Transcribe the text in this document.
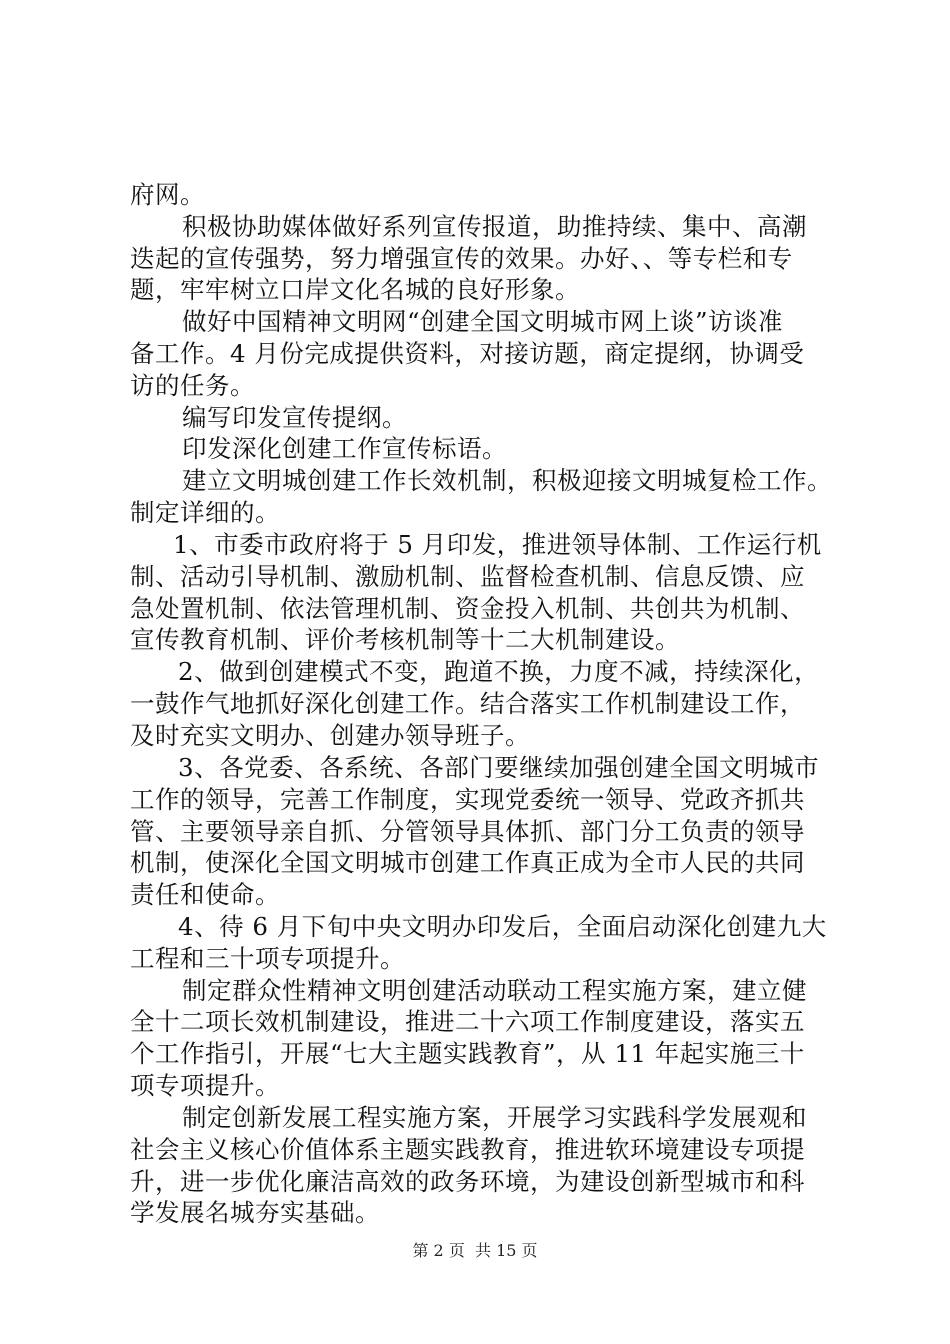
府网。
积极协助媒体做好系列宣传报道，助推持续、集中、高潮
迭起的宣传强势，努力增强宣传的效果。办好、、等专栏和专
题，牢牢树立口岸文化名城的良好形象。
做好中国精神文明网“创建全国文明城市网上谈”访谈准
备工作。4 月份完成提供资料，对接访题，商定提纲，协调受
访的任务。
编写印发宣传提纲。
印发深化创建工作宣传标语。
建立文明城创建工作长效机制，积极迎接文明城复检工作。
制定详细的。
1、市委市政府将于 5 月印发，推进领导体制、工作运行机
制、活动引导机制、激励机制、监督检查机制、信息反馈、应
急处置机制、依法管理机制、资金投入机制、共创共为机制、
宣传教育机制、评价考核机制等十二大机制建设。
2、做到创建模式不变，跑道不换，力度不减，持续深化，
一鼓作气地抓好深化创建工作。结合落实工作机制建设工作，
及时充实文明办、创建办领导班子。
3、各党委、各系统、各部门要继续加强创建全国文明城市
工作的领导，完善工作制度，实现党委统一领导、党政齐抓共
管、主要领导亲自抓、分管领导具体抓、部门分工负责的领导
机制，使深化全国文明城市创建工作真正成为全市人民的共同
责任和使命。
4、待 6 月下旬中央文明办印发后，全面启动深化创建九大
工程和三十项专项提升。
制定群众性精神文明创建活动联动工程实施方案，建立健
全十二项长效机制建设，推进二十六项工作制度建设，落实五
个工作指引，开展“七大主题实践教育”，从 11 年起实施三十
项专项提升。
制定创新发展工程实施方案，开展学习实践科学发展观和
社会主义核心价值体系主题实践教育，推进软环境建设专项提
升，进一步优化廉洁高效的政务环境，为建设创新型城市和科
学发展名城夯实基础。
第 2 页  共 15 页
